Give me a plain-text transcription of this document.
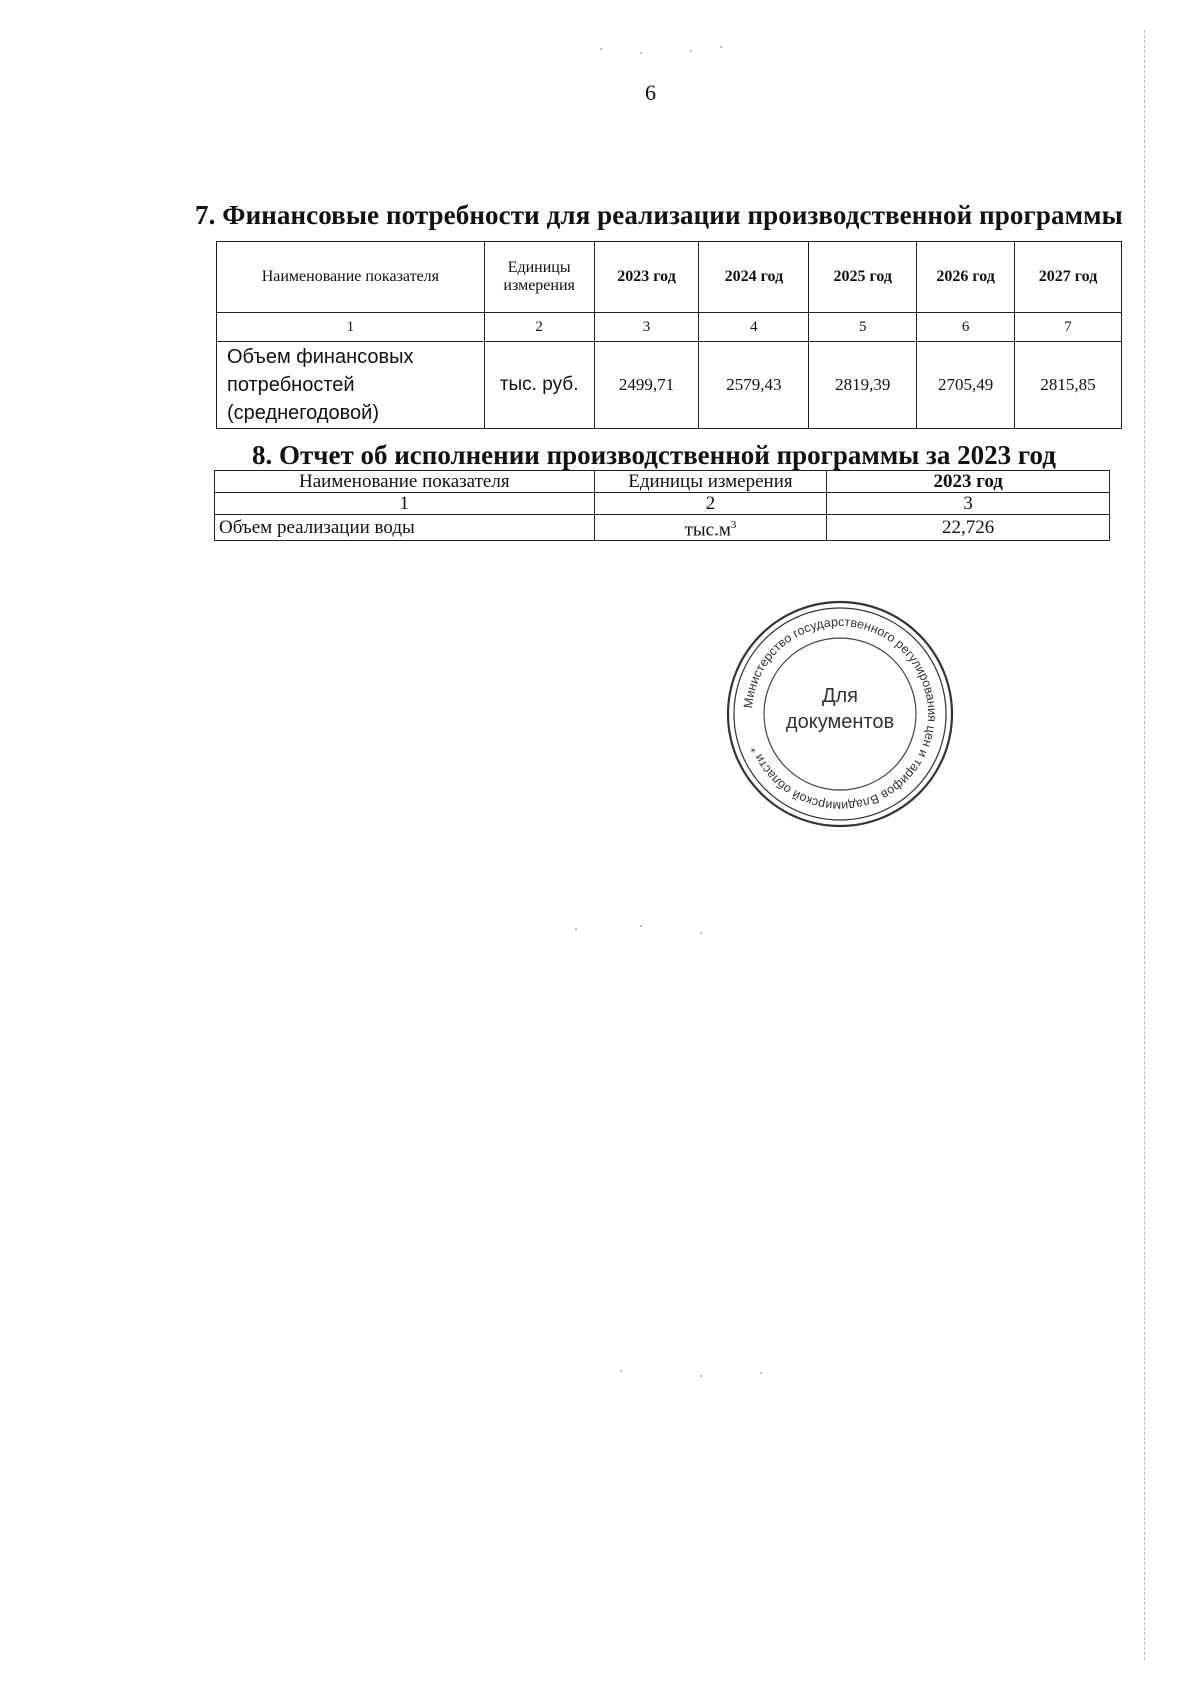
6
7. Финансовые потребности для реализации производственной программы
Наименование показателя	Единицы измерения	2023 год	2024 год	2025 год	2026 год	2027 год
1	2	3	4	5	6	7
Объем финансовых потребностей (среднегодовой)	тыс. руб.	2499,71	2579,43	2819,39	2705,49	2815,85
8. Отчет об исполнении производственной программы за 2023 год
Наименование показателя	Единицы измерения	2023 год
1	2	3
Объем реализации воды	$тыс.м^3$	22,726
Министерство государственного регулирования цен и тарифов Владимирской области *
Для
документов
